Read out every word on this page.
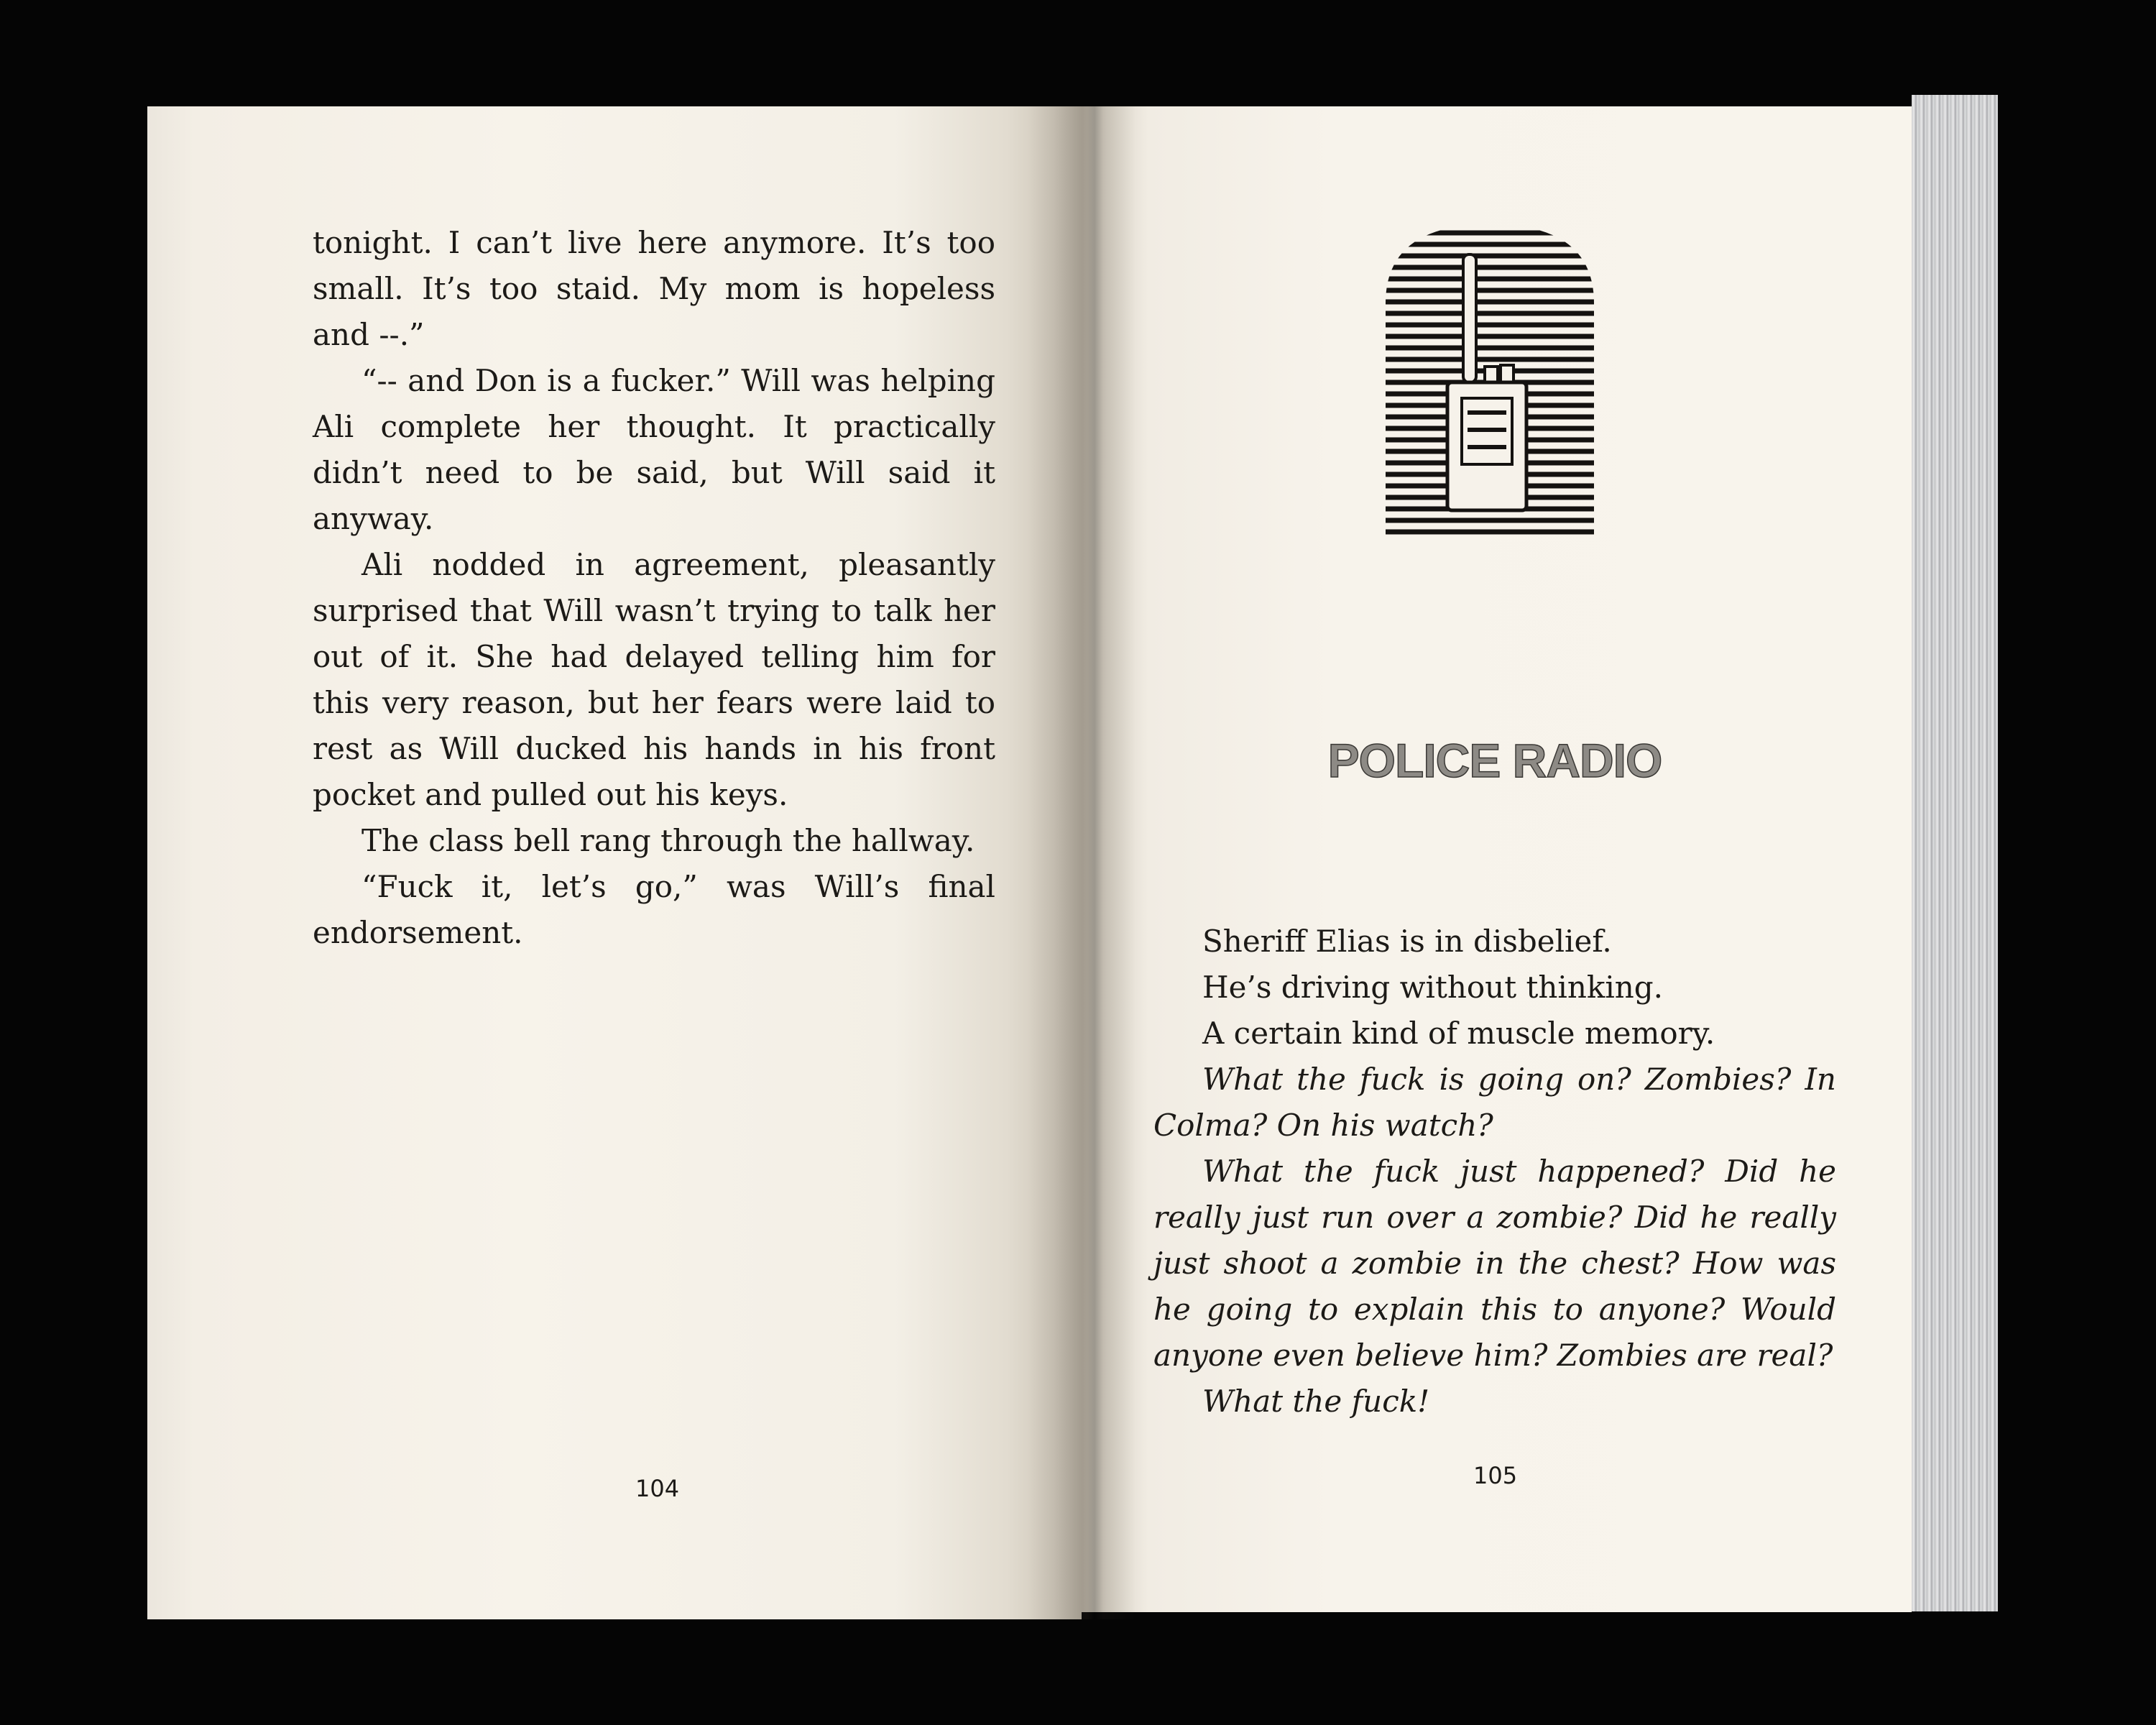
tonight. I can’t live here anymore. It’s too small. It’s too staid. My mom is hopeless and --.”

“-- and Don is a fucker.” Will was helping Ali complete her thought. It practically didn’t need to be said, but Will said it anyway.

Ali nodded in agreement, pleasantly surprised that Will wasn’t trying to talk her out of it. She had delayed telling him for this very reason, but her fears were laid to rest as Will ducked his hands in his front pocket and pulled out his keys.

The class bell rang through the hallway.

“Fuck it, let’s go,” was Will’s final endorsement.

104
POLICE RADIO

Sheriff Elias is in disbelief.

He’s driving without thinking.

A certain kind of muscle memory.

What the fuck is going on? Zombies? In Colma? On his watch?

What the fuck just happened? Did he really just run over a zombie? Did he really just shoot a zombie in the chest? How was he going to explain this to anyone? Would anyone even believe him? Zombies are real?

What the fuck!

105
